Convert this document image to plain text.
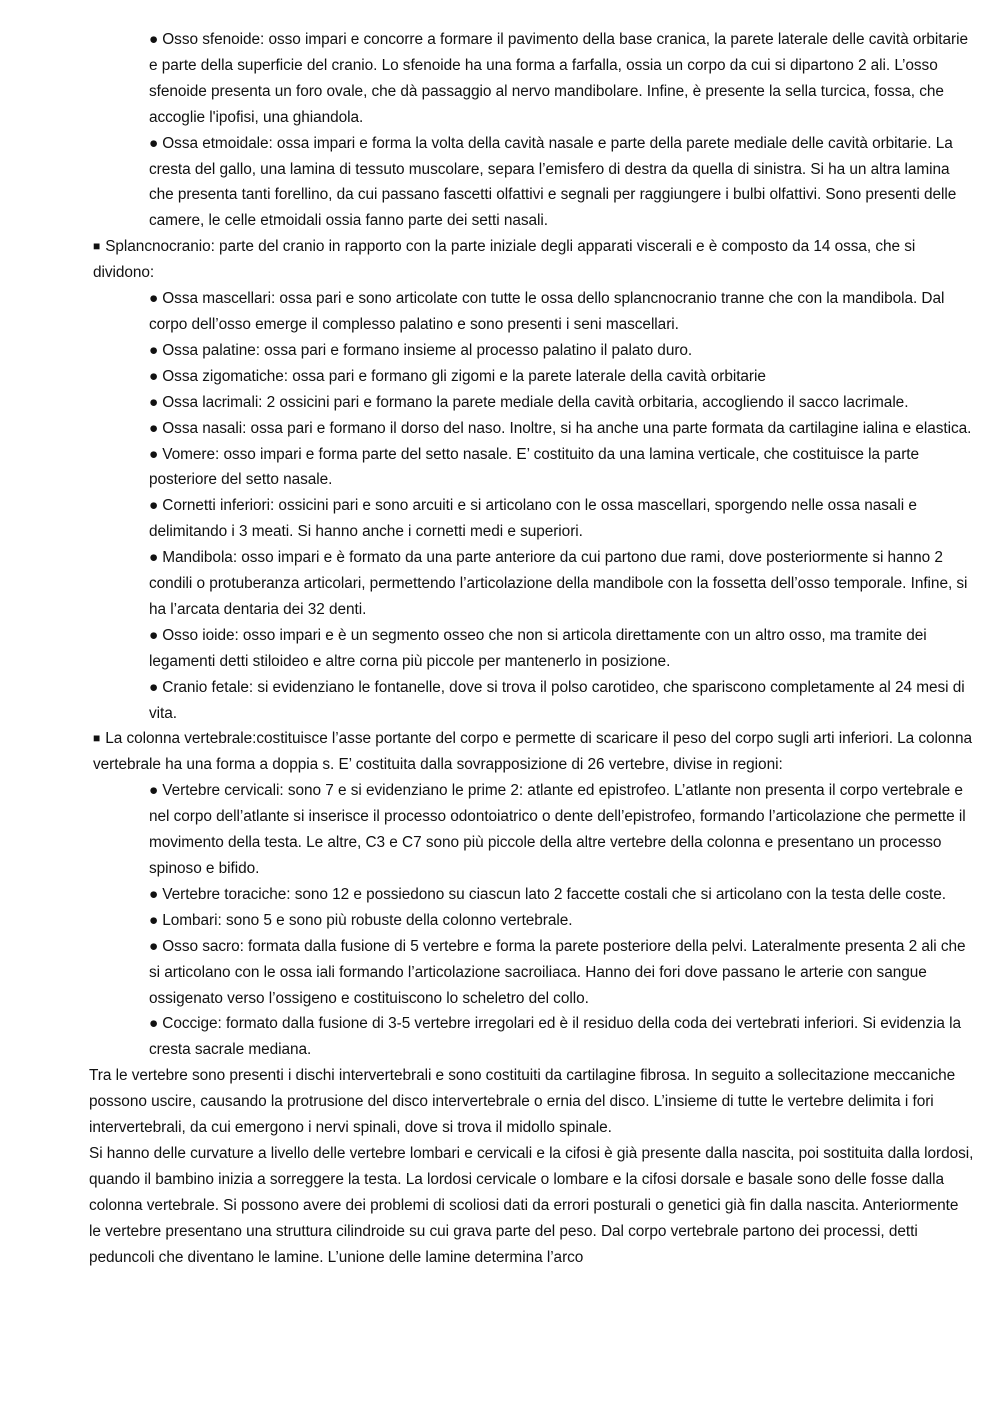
● Osso sfenoide: osso impari e concorre a formare il pavimento della base cranica, la parete laterale delle cavità orbitarie e parte della superficie del cranio. Lo sfenoide ha una forma a farfalla, ossia un corpo da cui si dipartono 2 ali. L’osso sfenoide presenta un foro ovale, che dà passaggio al nervo mandibolare. Infine, è presente la sella turcica, fossa, che accoglie l'ipofisi, una ghiandola.

● Ossa etmoidale: ossa impari e forma la volta della cavità nasale e parte della parete mediale delle cavità orbitarie. La cresta del gallo, una lamina di tessuto muscolare, separa l’emisfero di destra da quella di sinistra. Si ha un altra lamina che presenta tanti forellino, da cui passano fascetti olfattivi e segnali per raggiungere i bulbi olfattivi. Sono presenti delle camere, le celle etmoidali ossia fanno parte dei setti nasali.

■ Splancnocranio: parte del cranio in rapporto con la parte iniziale degli apparati viscerali e è composto da 14 ossa, che si dividono:

● Ossa mascellari: ossa pari e sono articolate con tutte le ossa dello splancnocranio tranne che con la mandibola. Dal corpo dell’osso emerge il complesso palatino e sono presenti i seni mascellari.

● Ossa palatine: ossa pari e formano insieme al processo palatino il palato duro.

● Ossa zigomatiche: ossa pari e formano gli zigomi e la parete laterale della cavità orbitarie

● Ossa lacrimali: 2 ossicini pari e formano la parete mediale della cavità orbitaria, accogliendo il sacco lacrimale.

● Ossa nasali: ossa pari e formano il dorso del naso. Inoltre, si ha anche una parte formata da cartilagine ialina e elastica.

● Vomere: osso impari e forma parte del setto nasale. E’ costituito da una lamina verticale, che costituisce la parte posteriore del setto nasale.

● Cornetti inferiori: ossicini pari e sono arcuiti e si articolano con le ossa mascellari, sporgendo nelle ossa nasali e delimitando i 3 meati. Si hanno anche i cornetti medi e superiori.

● Mandibola: osso impari e è formato da una parte anteriore da cui partono due rami, dove posteriormente si hanno 2 condili o protuberanza articolari, permettendo l’articolazione della mandibole con la fossetta dell’osso temporale. Infine, si ha l’arcata dentaria dei 32 denti.

● Osso ioide: osso impari e è un segmento osseo che non si articola direttamente con un altro osso, ma tramite dei legamenti detti stiloideo e altre corna più piccole per mantenerlo in posizione.

● Cranio fetale: si evidenziano le fontanelle, dove si trova il polso carotideo, che spariscono completamente al 24 mesi di vita.

■ La colonna vertebrale:costituisce l’asse portante del corpo e permette di scaricare il peso del corpo sugli arti inferiori. La colonna vertebrale ha una forma a doppia s. E’ costituita dalla sovrapposizione di 26 vertebre, divise in regioni:

● Vertebre cervicali: sono 7 e si evidenziano le prime 2: atlante ed epistrofeo. L’atlante non presenta il corpo vertebrale e nel corpo dell’atlante si inserisce il processo odontoiatrico o dente dell’epistrofeo, formando l’articolazione che permette il movimento della testa. Le altre, C3 e C7 sono più piccole della altre vertebre della colonna e presentano un processo spinoso e bifido.

● Vertebre toraciche: sono 12 e possiedono su ciascun lato 2 faccette costali che si articolano con la testa delle coste.

● Lombari: sono 5 e sono più robuste della colonno vertebrale.

● Osso sacro: formata dalla fusione di 5 vertebre e forma la parete posteriore della pelvi. Lateralmente presenta 2 ali che si articolano con le ossa iali formando l’articolazione sacroiliaca. Hanno dei fori dove passano le arterie con sangue ossigenato verso l’ossigeno e costituiscono lo scheletro del collo.

● Coccige: formato dalla fusione di 3-5 vertebre irregolari ed è il residuo della coda dei vertebrati inferiori. Si evidenzia la cresta sacrale mediana.

Tra le vertebre sono presenti i dischi intervertebrali e sono costituiti da cartilagine fibrosa. In seguito a sollecitazione meccaniche possono uscire, causando la protrusione del disco intervertebrale o ernia del disco. L’insieme di tutte le vertebre delimita i fori intervertebrali, da cui emergono i nervi spinali, dove si trova il midollo spinale.

Si hanno delle curvature a livello delle vertebre lombari e cervicali e la cifosi è già presente dalla nascita, poi sostituita dalla lordosi, quando il bambino inizia a sorreggere la testa. La lordosi cervicale o lombare e la cifosi dorsale e basale sono delle fosse dalla colonna vertebrale. Si possono avere dei problemi di scoliosi dati da errori posturali o genetici già fin dalla nascita. Anteriormente le vertebre presentano una struttura cilindroide su cui grava parte del peso. Dal corpo vertebrale partono dei processi, detti peduncoli che diventano le lamine. L’unione delle lamine determina l’arco
